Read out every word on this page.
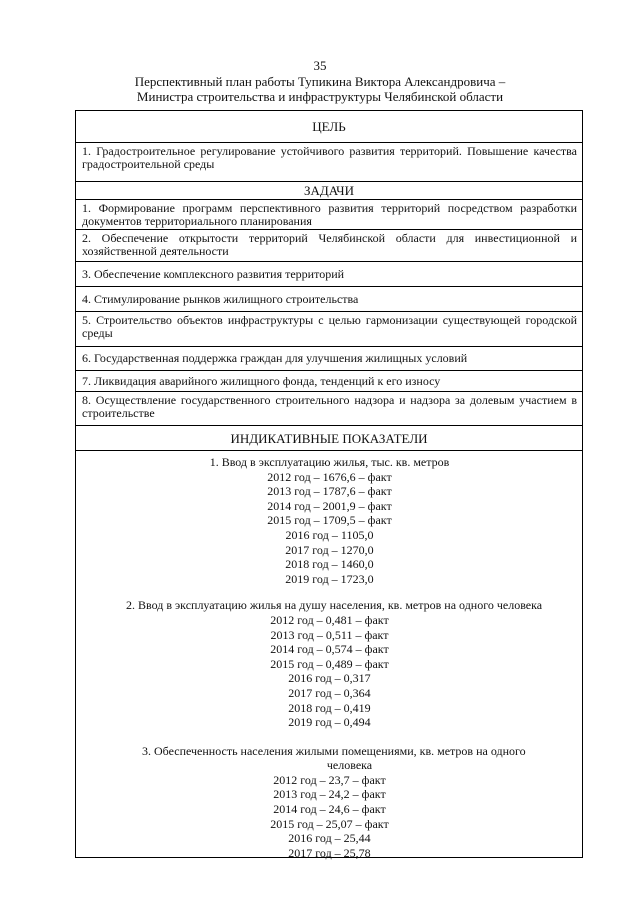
35
Перспективный план работы Тупикина Виктора Александровича –
Министра строительства и инфраструктуры Челябинской области
ЦЕЛЬ
1. Градостроительное регулирование устойчивого развития территорий. Повышение качества градостроительной среды
ЗАДАЧИ
1. Формирование программ перспективного развития территорий посредством разработки документов территориального планирования
2. Обеспечение открытости территорий Челябинской области для инвестиционной и хозяйственной деятельности
3. Обеспечение комплексного развития территорий
4. Стимулирование рынков жилищного строительства
5. Строительство объектов инфраструктуры с целью гармонизации существующей городской среды
6. Государственная поддержка граждан для улучшения жилищных условий
7. Ликвидация аварийного жилищного фонда, тенденций к его износу
8. Осуществление государственного строительного надзора и надзора за долевым участием в строительстве
ИНДИКАТИВНЫЕ ПОКАЗАТЕЛИ
1. Ввод в эксплуатацию жилья, тыс. кв. метров
2012 год – 1676,6 – факт
2013 год – 1787,6 – факт
2014 год – 2001,9 – факт
2015 год – 1709,5 – факт
2016 год – 1105,0
2017 год – 1270,0
2018 год – 1460,0
2019 год – 1723,0
2. Ввод в эксплуатацию жилья на душу населения, кв. метров на одного человека
2012 год – 0,481 – факт
2013 год – 0,511 – факт
2014 год – 0,574 – факт
2015 год – 0,489 – факт
2016 год – 0,317
2017 год – 0,364
2018 год – 0,419
2019 год – 0,494
3. Обеспеченность населения жилыми помещениями, кв. метров на одного
человека
2012 год – 23,7 – факт
2013 год – 24,2 – факт
2014 год – 24,6 – факт
2015 год – 25,07 – факт
2016 год – 25,44
2017 год – 25,78
